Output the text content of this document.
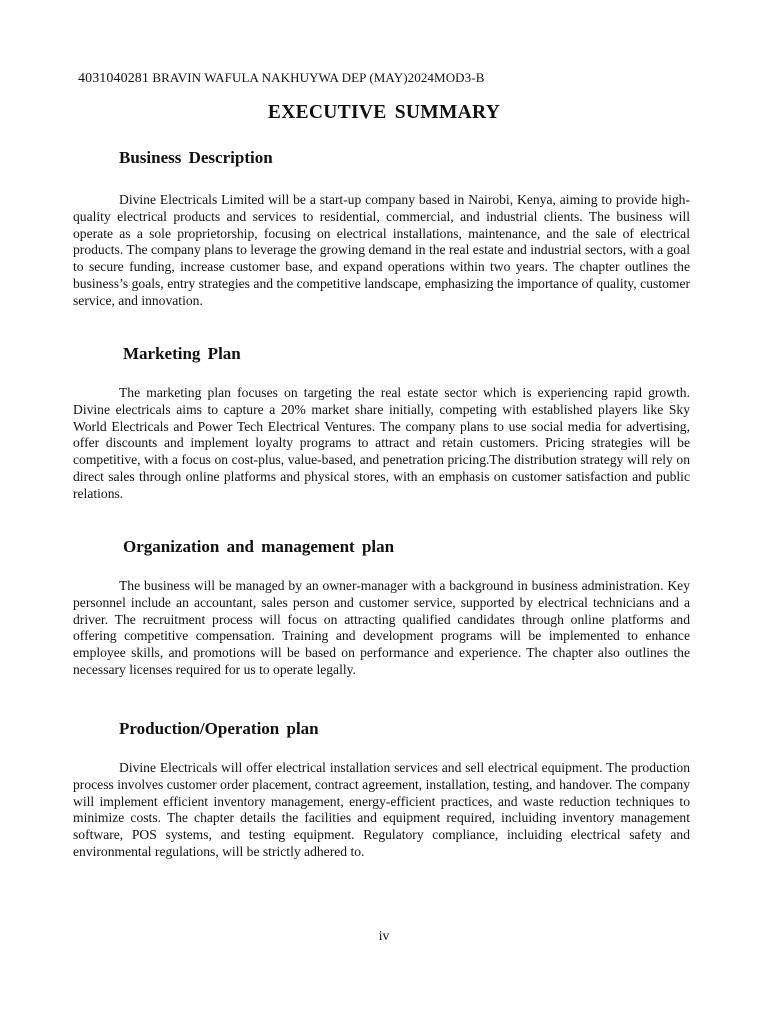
4031040281 BRAVIN WAFULA NAKHUYWA DEP (MAY)2024MOD3-B
EXECUTIVE SUMMARY
Business Description

Divine Electricals Limited will be a start-up company based in Nairobi, Kenya, aiming to provide high-quality electrical products and services to residential, commercial, and industrial clients. The business will operate as a sole proprietorship, focusing on electrical installations, maintenance, and the sale of electrical products. The company plans to leverage the growing demand in the real estate and industrial sectors, with a goal to secure funding, increase customer base, and expand operations within two years. The chapter outlines the business’s goals, entry strategies and the competitive landscape, emphasizing the importance of quality, customer service, and innovation.

Marketing Plan

The marketing plan focuses on targeting the real estate sector which is experiencing rapid growth. Divine electricals aims to capture a 20% market share initially, competing with established players like Sky World Electricals and Power Tech Electrical Ventures. The company plans to use social media for advertising, offer discounts and implement loyalty programs to attract and retain customers. Pricing strategies will be competitive, with a focus on cost-plus, value-based, and penetration pricing.The distribution strategy will rely on direct sales through online platforms and physical stores, with an emphasis on customer satisfaction and public relations.

Organization and management plan

The business will be managed by an owner-manager with a background in business administration. Key personnel include an accountant, sales person and customer service, supported by electrical technicians and a driver. The recruitment process will focus on attracting qualified candidates through online platforms and offering competitive compensation. Training and development programs will be implemented to enhance employee skills, and promotions will be based on performance and experience. The chapter also outlines the necessary licenses required for us to operate legally.

Production/Operation plan

Divine Electricals will offer electrical installation services and sell electrical equipment. The production process involves customer order placement, contract agreement, installation, testing, and handover. The company will implement efficient inventory management, energy-efficient practices, and waste reduction techniques to minimize costs. The chapter details the facilities and equipment required, incluiding inventory management software, POS systems, and testing equipment. Regulatory compliance, incluiding electrical safety and environmental regulations, will be strictly adhered to.

iv
